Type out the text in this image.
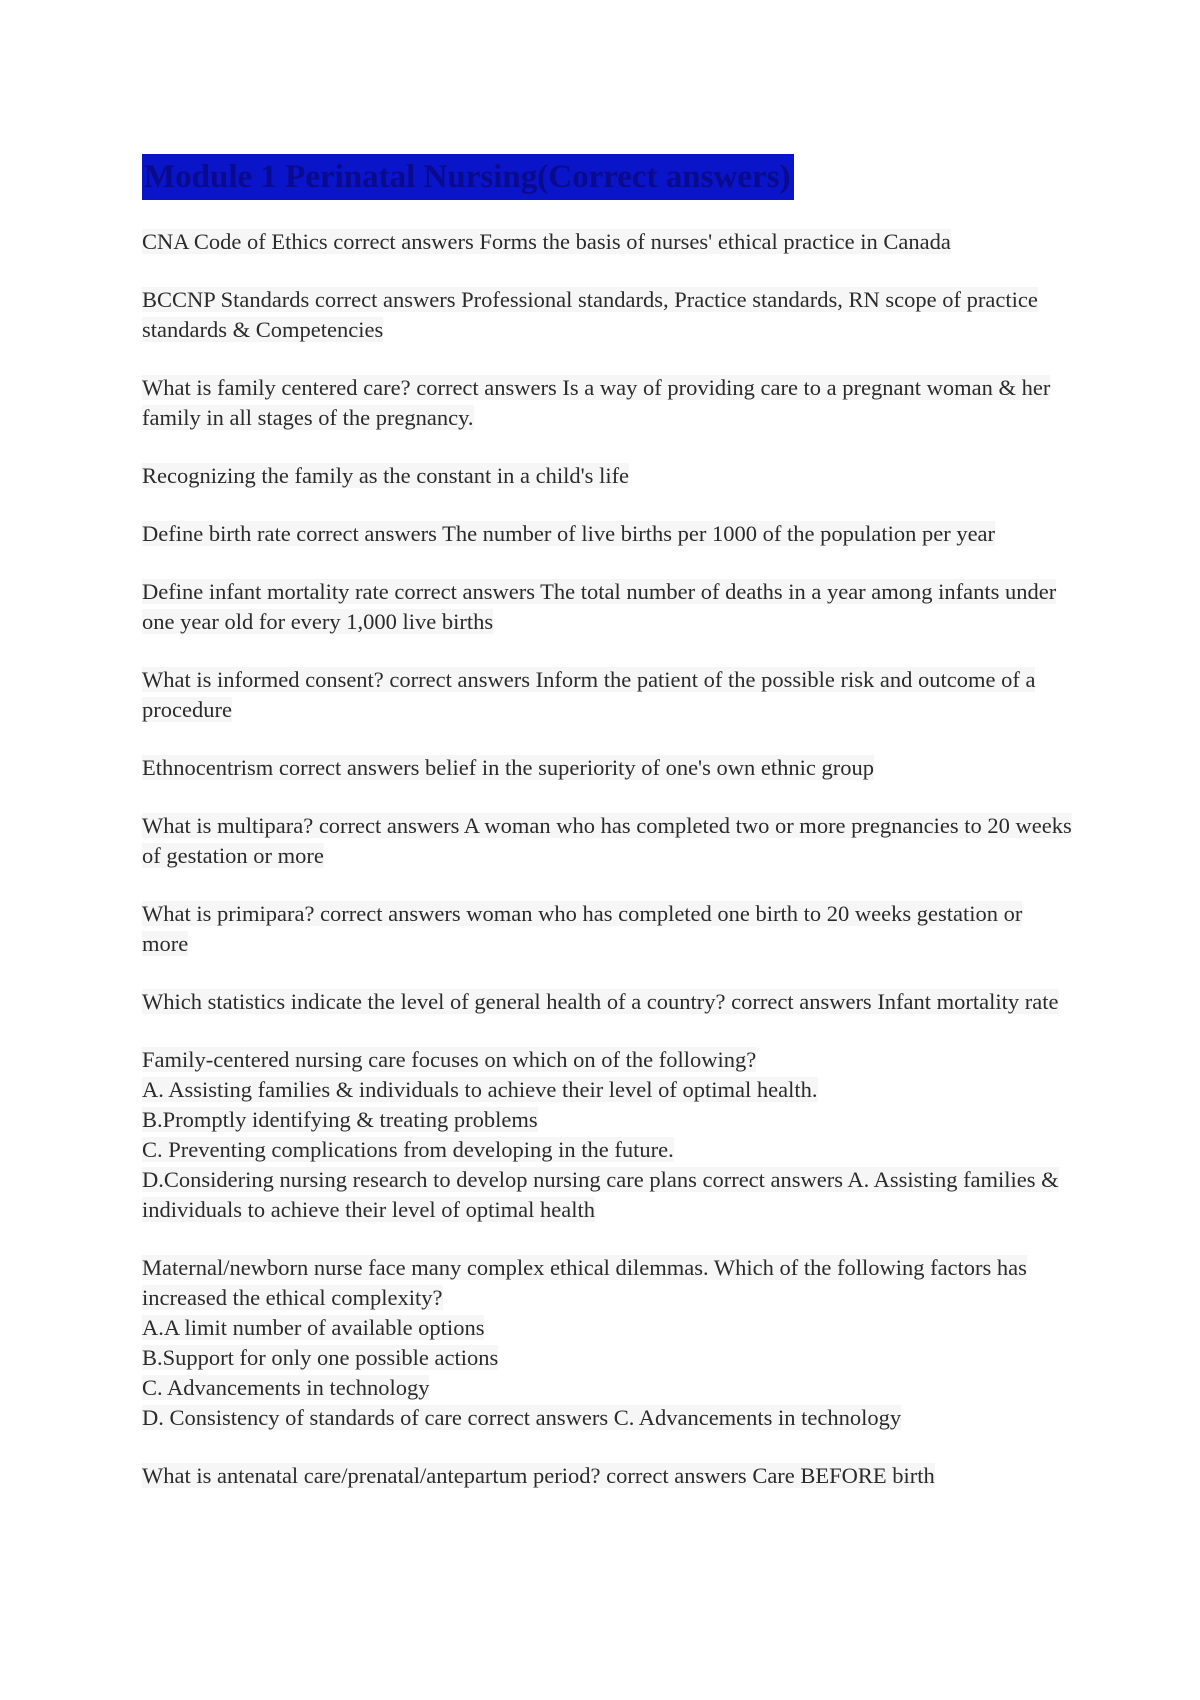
Module 1 Perinatal Nursing(Correct answers)
CNA Code of Ethics correct answers Forms the basis of nurses' ethical practice in Canada
BCCNP Standards correct answers Professional standards, Practice standards, RN scope of practice standards & Competencies
What is family centered care? correct answers Is a way of providing care to a pregnant woman & her family in all stages of the pregnancy.
Recognizing the family as the constant in a child's life
Define birth rate correct answers The number of live births per 1000 of the population per year
Define infant mortality rate correct answers The total number of deaths in a year among infants under one year old for every 1,000 live births
What is informed consent? correct answers Inform the patient of the possible risk and outcome of a procedure
Ethnocentrism correct answers belief in the superiority of one's own ethnic group
What is multipara? correct answers A woman who has completed two or more pregnancies to 20 weeks of gestation or more
What is primipara? correct answers woman who has completed one birth to 20 weeks gestation or more
Which statistics indicate the level of general health of a country? correct answers Infant mortality rate
Family-centered nursing care focuses on which on of the following?
A. Assisting families & individuals to achieve their level of optimal health.
B.Promptly identifying & treating problems
C. Preventing complications from developing in the future.
D.Considering nursing research to develop nursing care plans correct answers A. Assisting families & individuals to achieve their level of optimal health
Maternal/newborn nurse face many complex ethical dilemmas. Which of the following factors has increased the ethical complexity?
A.A limit number of available options
B.Support for only one possible actions
C. Advancements in technology
D. Consistency of standards of care correct answers C. Advancements in technology
What is antenatal care/prenatal/antepartum period? correct answers Care BEFORE birth
